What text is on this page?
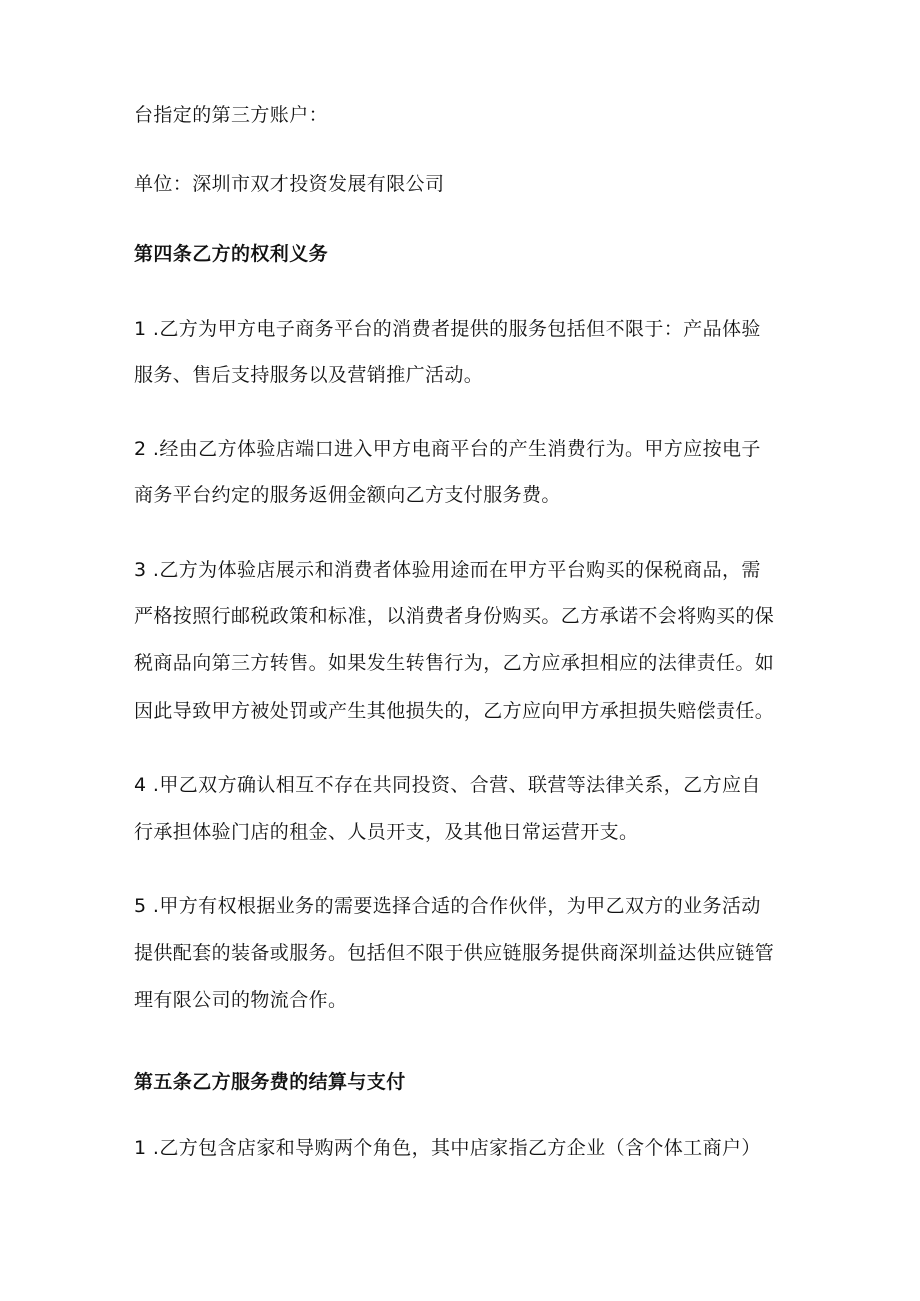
台指定的第三方账户：
单位：深圳市双才投资发展有限公司
第四条乙方的权利义务
1 .乙方为甲方电子商务平台的消费者提供的服务包括但不限于：产品体验
服务、售后支持服务以及营销推广活动。
2 .经由乙方体验店端口进入甲方电商平台的产生消费行为。甲方应按电子
商务平台约定的服务返佣金额向乙方支付服务费。
3 .乙方为体验店展示和消费者体验用途而在甲方平台购买的保税商品，需
严格按照行邮税政策和标准，以消费者身份购买。乙方承诺不会将购买的保
税商品向第三方转售。如果发生转售行为，乙方应承担相应的法律责任。如
因此导致甲方被处罚或产生其他损失的，乙方应向甲方承担损失赔偿责任。
4 .甲乙双方确认相互不存在共同投资、合营、联营等法律关系，乙方应自
行承担体验门店的租金、人员开支，及其他日常运营开支。
5 .甲方有权根据业务的需要选择合适的合作伙伴，为甲乙双方的业务活动
提供配套的装备或服务。包括但不限于供应链服务提供商深圳益达供应链管
理有限公司的物流合作。
第五条乙方服务费的结算与支付
1 .乙方包含店家和导购两个角色，其中店家指乙方企业（含个体工商户）
